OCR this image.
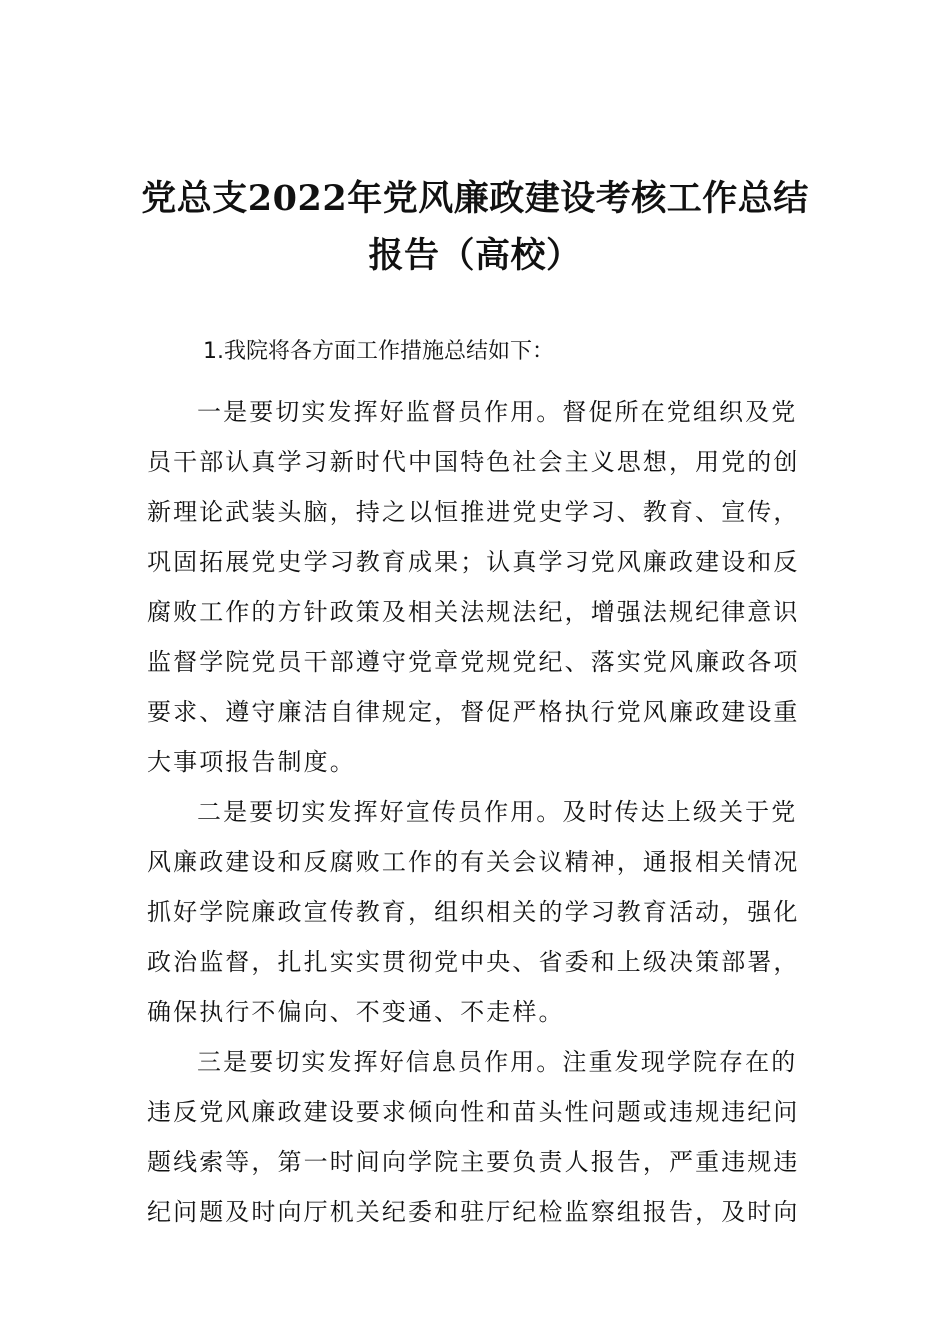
党总支2022年党风廉政建设考核工作总结
报告（高校）

1.我院将各方面工作措施总结如下：

一是要切实发挥好监督员作用。督促所在党组织及党
员干部认真学习新时代中国特色社会主义思想，用党的创
新理论武装头脑，持之以恒推进党史学习、教育、宣传，
巩固拓展党史学习教育成果；认真学习党风廉政建设和反
腐败工作的方针政策及相关法规法纪，增强法规纪律意识
监督学院党员干部遵守党章党规党纪、落实党风廉政各项
要求、遵守廉洁自律规定，督促严格执行党风廉政建设重
大事项报告制度。

二是要切实发挥好宣传员作用。及时传达上级关于党
风廉政建设和反腐败工作的有关会议精神，通报相关情况
抓好学院廉政宣传教育，组织相关的学习教育活动，强化
政治监督，扎扎实实贯彻党中央、省委和上级决策部署，
确保执行不偏向、不变通、不走样。

三是要切实发挥好信息员作用。注重发现学院存在的
违反党风廉政建设要求倾向性和苗头性问题或违规违纪问
题线索等，第一时间向学院主要负责人报告，严重违规违
纪问题及时向厅机关纪委和驻厅纪检监察组报告，及时向
